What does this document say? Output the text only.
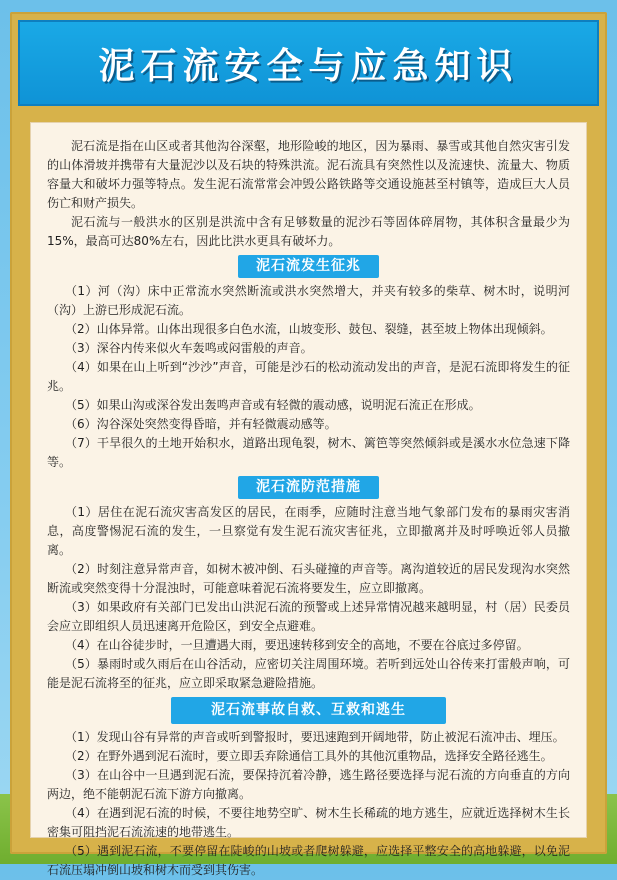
泥石流安全与应急知识

泥石流是指在山区或者其他沟谷深壑，地形险峻的地区，因为暴雨、暴雪或其他自然灾害引发的山体滑坡并携带有大量泥沙以及石块的特殊洪流。泥石流具有突然性以及流速快、流量大、物质容量大和破坏力强等特点。发生泥石流常常会冲毁公路铁路等交通设施甚至村镇等，造成巨大人员伤亡和财产损失。

泥石流与一般洪水的区别是洪流中含有足够数量的泥沙石等固体碎屑物，其体积含量最少为15%，最高可达80%左右，因此比洪水更具有破坏力。

泥石流发生征兆

（1）河（沟）床中正常流水突然断流或洪水突然增大，并夹有较多的柴草、树木时，说明河（沟）上游已形成泥石流。

（2）山体异常。山体出现很多白色水流，山坡变形、鼓包、裂缝，甚至坡上物体出现倾斜。

（3）深谷内传来似火车轰鸣或闷雷般的声音。

（4）如果在山上听到“沙沙”声音，可能是沙石的松动流动发出的声音，是泥石流即将发生的征兆。

（5）如果山沟或深谷发出轰鸣声音或有轻微的震动感，说明泥石流正在形成。

（6）沟谷深处突然变得昏暗，并有轻微震动感等。

（7）干旱很久的土地开始积水，道路出现龟裂，树木、篱笆等突然倾斜或是溪水水位急速下降等。

泥石流防范措施

（1）居住在泥石流灾害高发区的居民，在雨季，应随时注意当地气象部门发布的暴雨灾害消息，高度警惕泥石流的发生，一旦察觉有发生泥石流灾害征兆，立即撤离并及时呼唤近邻人员撤离。

（2）时刻注意异常声音，如树木被冲倒、石头碰撞的声音等。离沟道较近的居民发现沟水突然断流或突然变得十分混浊时，可能意味着泥石流将要发生，应立即撤离。

（3）如果政府有关部门已发出山洪泥石流的预警或上述异常情况越来越明显，村（居）民委员会应立即组织人员迅速离开危险区，到安全点避难。

（4）在山谷徒步时，一旦遭遇大雨，要迅速转移到安全的高地，不要在谷底过多停留。

（5）暴雨时或久雨后在山谷活动，应密切关注周围环境。若听到远处山谷传来打雷般声响，可能是泥石流将至的征兆，应立即采取紧急避险措施。

泥石流事故自救、互救和逃生

（1）发现山谷有异常的声音或听到警报时，要迅速跑到开阔地带，防止被泥石流冲击、埋压。

（2）在野外遇到泥石流时，要立即丢弃除通信工具外的其他沉重物品，选择安全路径逃生。

（3）在山谷中一旦遇到泥石流，要保持沉着冷静，逃生路径要选择与泥石流的方向垂直的方向两边，绝不能朝泥石流下游方向撤离。

（4）在遇到泥石流的时候，不要往地势空旷、树木生长稀疏的地方逃生，应就近选择树木生长密集可阻挡泥石流流速的地带逃生。

（5）遇到泥石流，不要停留在陡峻的山坡或者爬树躲避，应选择平整安全的高地躲避，以免泥石流压塌冲倒山坡和树木而受到其伤害。
